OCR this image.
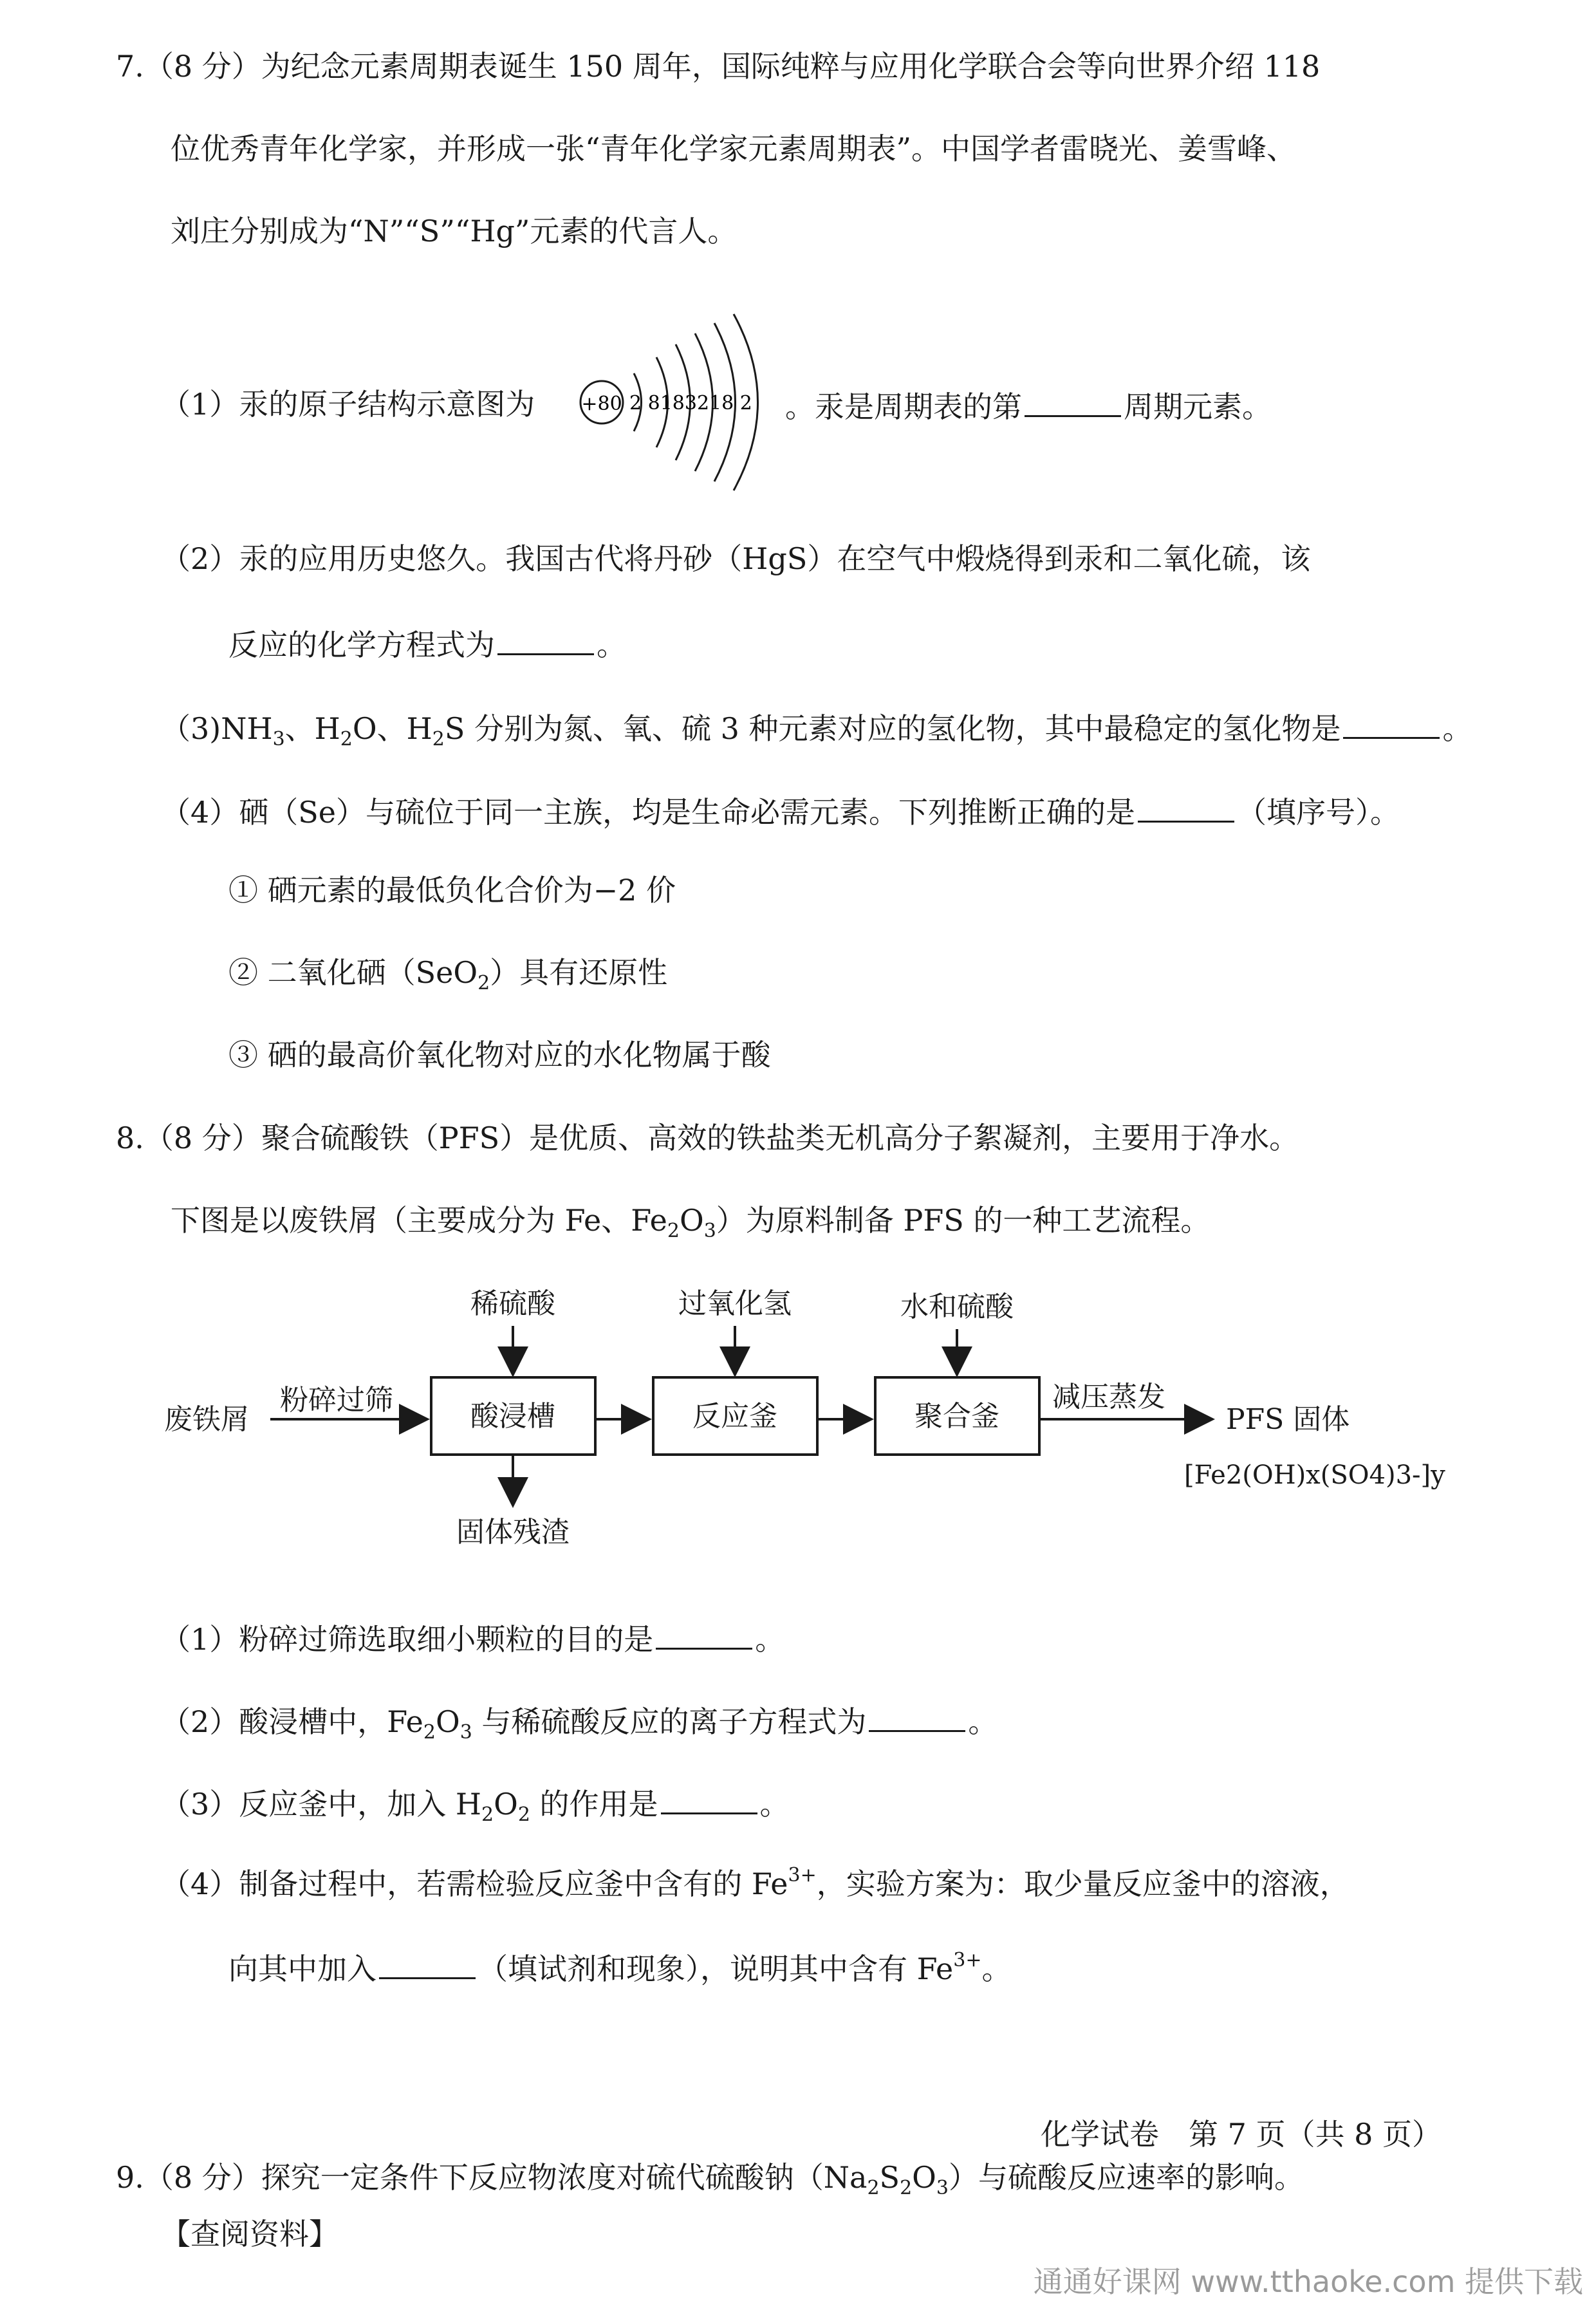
7.（8 分）为纪念元素周期表诞生 150 周年，国际纯粹与应用化学联合会等向世界介绍 118
位优秀青年化学家，并形成一张“青年化学家元素周期表”。中国学者雷晓光、姜雪峰、
刘庄分别成为“N”“S”“Hg”元素的代言人。
（1）汞的原子结构示意图为	。汞是周期表的第	周期元素。
+80 2 8183218 2
（2）汞的应用历史悠久。我国古代将丹砂（HgS）在空气中煅烧得到汞和二氧化硫，该
反应的化学方程式为	。
$(3)NH_3$、$H_2O$、$H_2S$ 分别为氮、氧、硫 3 种元素对应的氢化物，其中最稳定的氢化物是	。
（4）硒（Se）与硫位于同一主族，均是生命必需元素。下列推断正确的是	（填序号）。
① 硒元素的最低负化合价为−2 价
② 二氧化硒（SeO$_2$）具有还原性
③ 硒的最高价氧化物对应的水化物属于酸
8.（8 分）聚合硫酸铁（PFS）是优质、高效的铁盐类无机高分子絮凝剂，主要用于净水。
下图是以废铁屑（主要成分为 Fe、$Fe_2O_3$）为原料制备 PFS 的一种工艺流程。
废铁屑
粉碎过筛	酸浸槽
稀硫酸
固体残渣
反应釜
过氧化氢
聚合釜
水和硫酸
减压蒸发
PFS 固体
[Fe2(OH)x(SO4)3-]y
（1）粉碎过筛选取细小颗粒的目的是	。
（2）酸浸槽中，$Fe_2O_3$ 与稀硫酸反应的离子方程式为	。
（3）反应釜中，加入 $H_2O_2$ 的作用是	。
（4）制备过程中，若需检验反应釜中含有的 $Fe^{3+}$，实验方案为：取少量反应釜中的溶液，
向其中加入	（填试剂和现象），说明其中含有 $Fe^{3+}$。
化学试卷　第 7 页（共 8 页）
9.（8 分）探究一定条件下反应物浓度对硫代硫酸钠$(Na_2S_2O_3)$与硫酸反应速率的影响。
【查阅资料】
通通好课网 www.tthaoke.com 提供下载
